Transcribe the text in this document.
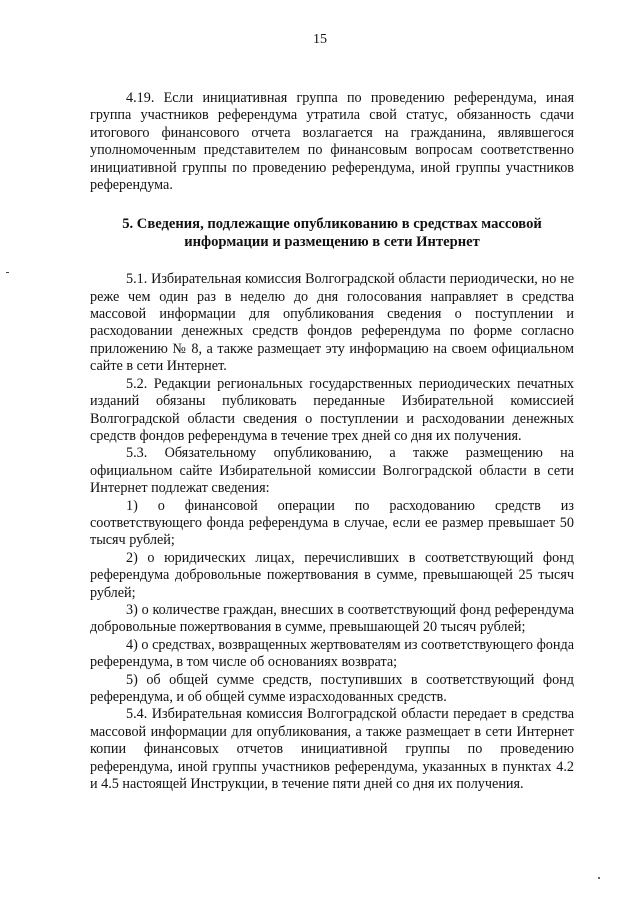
15

4.19. Если инициативная группа по проведению референдума, иная группа участников референдума утратила свой статус, обязанность сдачи итогового финансового отчета возлагается на гражданина, являвшегося уполномоченным представителем по финансовым вопросам соответственно инициативной группы по проведению референдума, иной группы участников референдума.

5. Сведения, подлежащие опубликованию в средствах массовой информации и размещению в сети Интернет

5.1. Избирательная комиссия Волгоградской области периодически, но не реже чем один раз в неделю до дня голосования направляет в средства массовой информации для опубликования сведения о поступлении и расходовании денежных средств фондов референдума по форме согласно приложению № 8, а также размещает эту информацию на своем официальном сайте в сети Интернет.

5.2. Редакции региональных государственных периодических печатных изданий обязаны публиковать переданные Избирательной комиссией Волгоградской области сведения о поступлении и расходовании денежных средств фондов референдума в течение трех дней со дня их получения.

5.3. Обязательному опубликованию, а также размещению на официальном сайте Избирательной комиссии Волгоградской области в сети Интернет подлежат сведения:

1) о финансовой операции по расходованию средств из соответствующего фонда референдума в случае, если ее размер превышает 50 тысяч рублей;

2) о юридических лицах, перечисливших в соответствующий фонд референдума добровольные пожертвования в сумме, превышающей 25 тысяч рублей;

3) о количестве граждан, внесших в соответствующий фонд референдума добровольные пожертвования в сумме, превышающей 20 тысяч рублей;

4) о средствах, возвращенных жертвователям из соответствующего фонда референдума, в том числе об основаниях возврата;

5) об общей сумме средств, поступивших в соответствующий фонд референдума, и об общей сумме израсходованных средств.

5.4. Избирательная комиссия Волгоградской области передает в средства массовой информации для опубликования, а также размещает в сети Интернет копии финансовых отчетов инициативной группы по проведению референдума, иной группы участников референдума, указанных в пунктах 4.2 и 4.5 настоящей Инструкции, в течение пяти дней со дня их получения.
